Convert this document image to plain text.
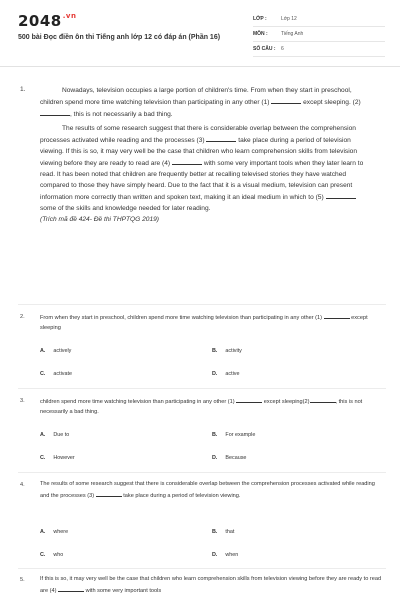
$2048^{.vn}$
500 bài Đọc điền ôn thi Tiếng anh lớp 12 có đáp án (Phần 16)
LỚP :	Lớp 12
MÔN :	Tiếng Anh
SỐ CÂU :	6
1.	Nowadays, television occupies a large portion of children's time. From when they start in preschool, children spend more time watching television than participating in any other (1)	except sleeping. (2) , this is not necessarily a bad thing.

The results of some research suggest that there is considerable overlap between the comprehension processes activated while reading and the processes (3)	take place during a period of television viewing. If this is so, it may very well be the case that children who learn comprehension skills from television viewing before they are ready to read are (4)	with some very important tools when they later learn to read. It has been noted that children are frequently better at recalling televised stories they have watched compared to those they have simply heard. Due to the fact that it is a visual medium, television can present information more correctly than written and spoken text, making it an ideal medium in which to (5)  some of the skills and knowledge needed for later reading.

(Trích mã đề 424- Đề thi THPTQG 2019)

2.	From when they start in preschool, children spend more time watching television than participating in any other (1)	except sleeping
A. actively	B. activity
C. activate	D. active
3.	children spend more time watching television than participating in any other (1)	except sleeping(2)	, this is not necessarily a bad thing.
A. Due to	B. For example
C. However	D. Because
4.	The results of some research suggest that there is considerable overlap between the comprehension processes activated while reading and the processes (3)	take place during a period of television viewing.
A. where	B. that
C. who	D. when
5.	If this is so, it may very well be the case that children who learn comprehension skills from television viewing before they are ready to read are (4)	with some very important tools
